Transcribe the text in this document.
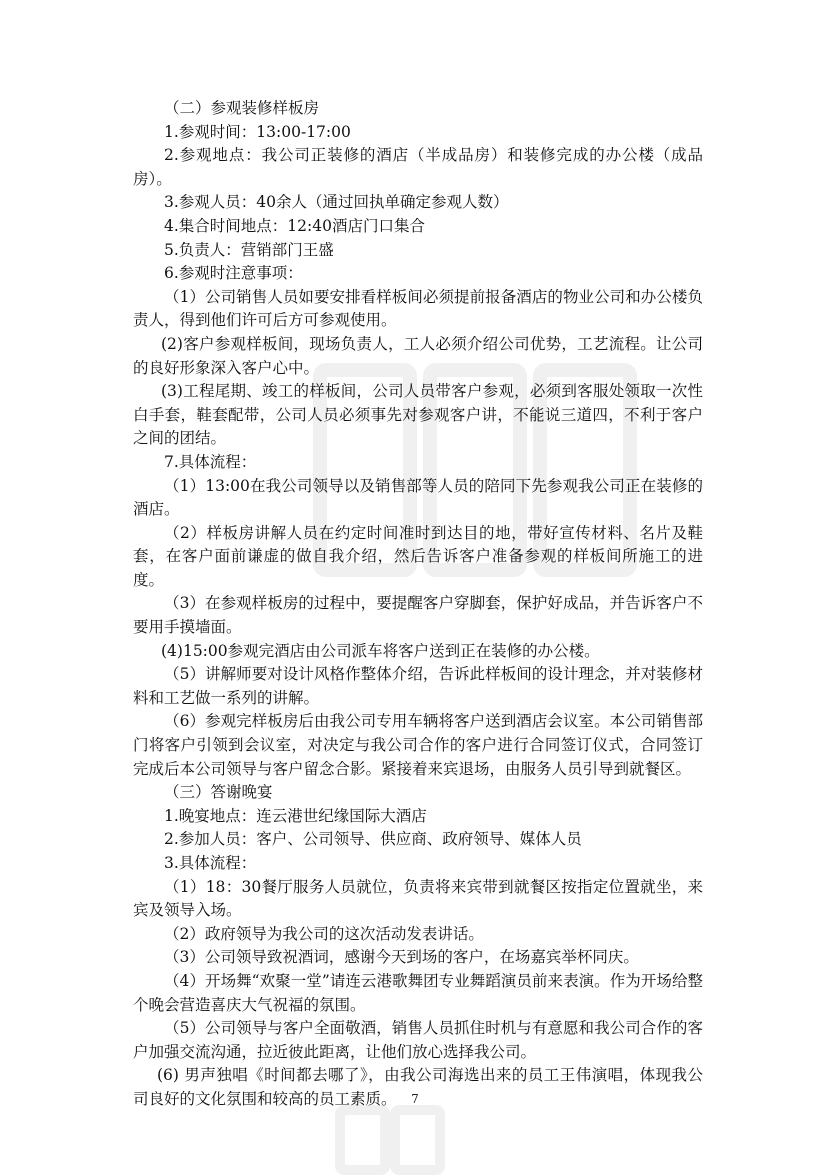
（二）参观装修样板房

1.参观时间：13:00-17:00

2.参观地点：我公司正装修的酒店（半成品房）和装修完成的办公楼（成品房）。

3.参观人员：40余人（通过回执单确定参观人数）

4.集合时间地点：12:40酒店门口集合

5.负责人：营销部门王盛

6.参观时注意事项：

（1）公司销售人员如要安排看样板间必须提前报备酒店的物业公司和办公楼负责人，得到他们许可后方可参观使用。

(2)客户参观样板间，现场负责人，工人必须介绍公司优势，工艺流程。让公司的良好形象深入客户心中。

(3)工程尾期、竣工的样板间，公司人员带客户参观，必须到客服处领取一次性白手套，鞋套配带，公司人员必须事先对参观客户讲，不能说三道四，不利于客户之间的团结。

7.具体流程：

（1）13:00在我公司领导以及销售部等人员的陪同下先参观我公司正在装修的酒店。

（2）样板房讲解人员在约定时间准时到达目的地，带好宣传材料、名片及鞋套，在客户面前谦虚的做自我介绍，然后告诉客户准备参观的样板间所施工的进度。

（3）在参观样板房的过程中，要提醒客户穿脚套，保护好成品，并告诉客户不要用手摸墙面。

(4)15:00参观完酒店由公司派车将客户送到正在装修的办公楼。

（5）讲解师要对设计风格作整体介绍，告诉此样板间的设计理念，并对装修材料和工艺做一系列的讲解。

（6）参观完样板房后由我公司专用车辆将客户送到酒店会议室。本公司销售部门将客户引领到会议室，对决定与我公司合作的客户进行合同签订仪式，合同签订完成后本公司领导与客户留念合影。紧接着来宾退场，由服务人员引导到就餐区。

（三）答谢晚宴

1.晚宴地点：连云港世纪缘国际大酒店

2.参加人员：客户、公司领导、供应商、政府领导、媒体人员

3.具体流程：

（1）18：30餐厅服务人员就位，负责将来宾带到就餐区按指定位置就坐，来宾及领导入场。

（2）政府领导为我公司的这次活动发表讲话。

（3）公司领导致祝酒词，感谢今天到场的客户，在场嘉宾举杯同庆。

（4）开场舞“欢聚一堂”请连云港歌舞团专业舞蹈演员前来表演。作为开场给整个晚会营造喜庆大气祝福的氛围。

（5）公司领导与客户全面敬酒，销售人员抓住时机与有意愿和我公司合作的客户加强交流沟通，拉近彼此距离，让他们放心选择我公司。

(6) 男声独唱《时间都去哪了》，由我公司海选出来的员工王伟演唱，体现我公司良好的文化氛围和较高的员工素质。	7
